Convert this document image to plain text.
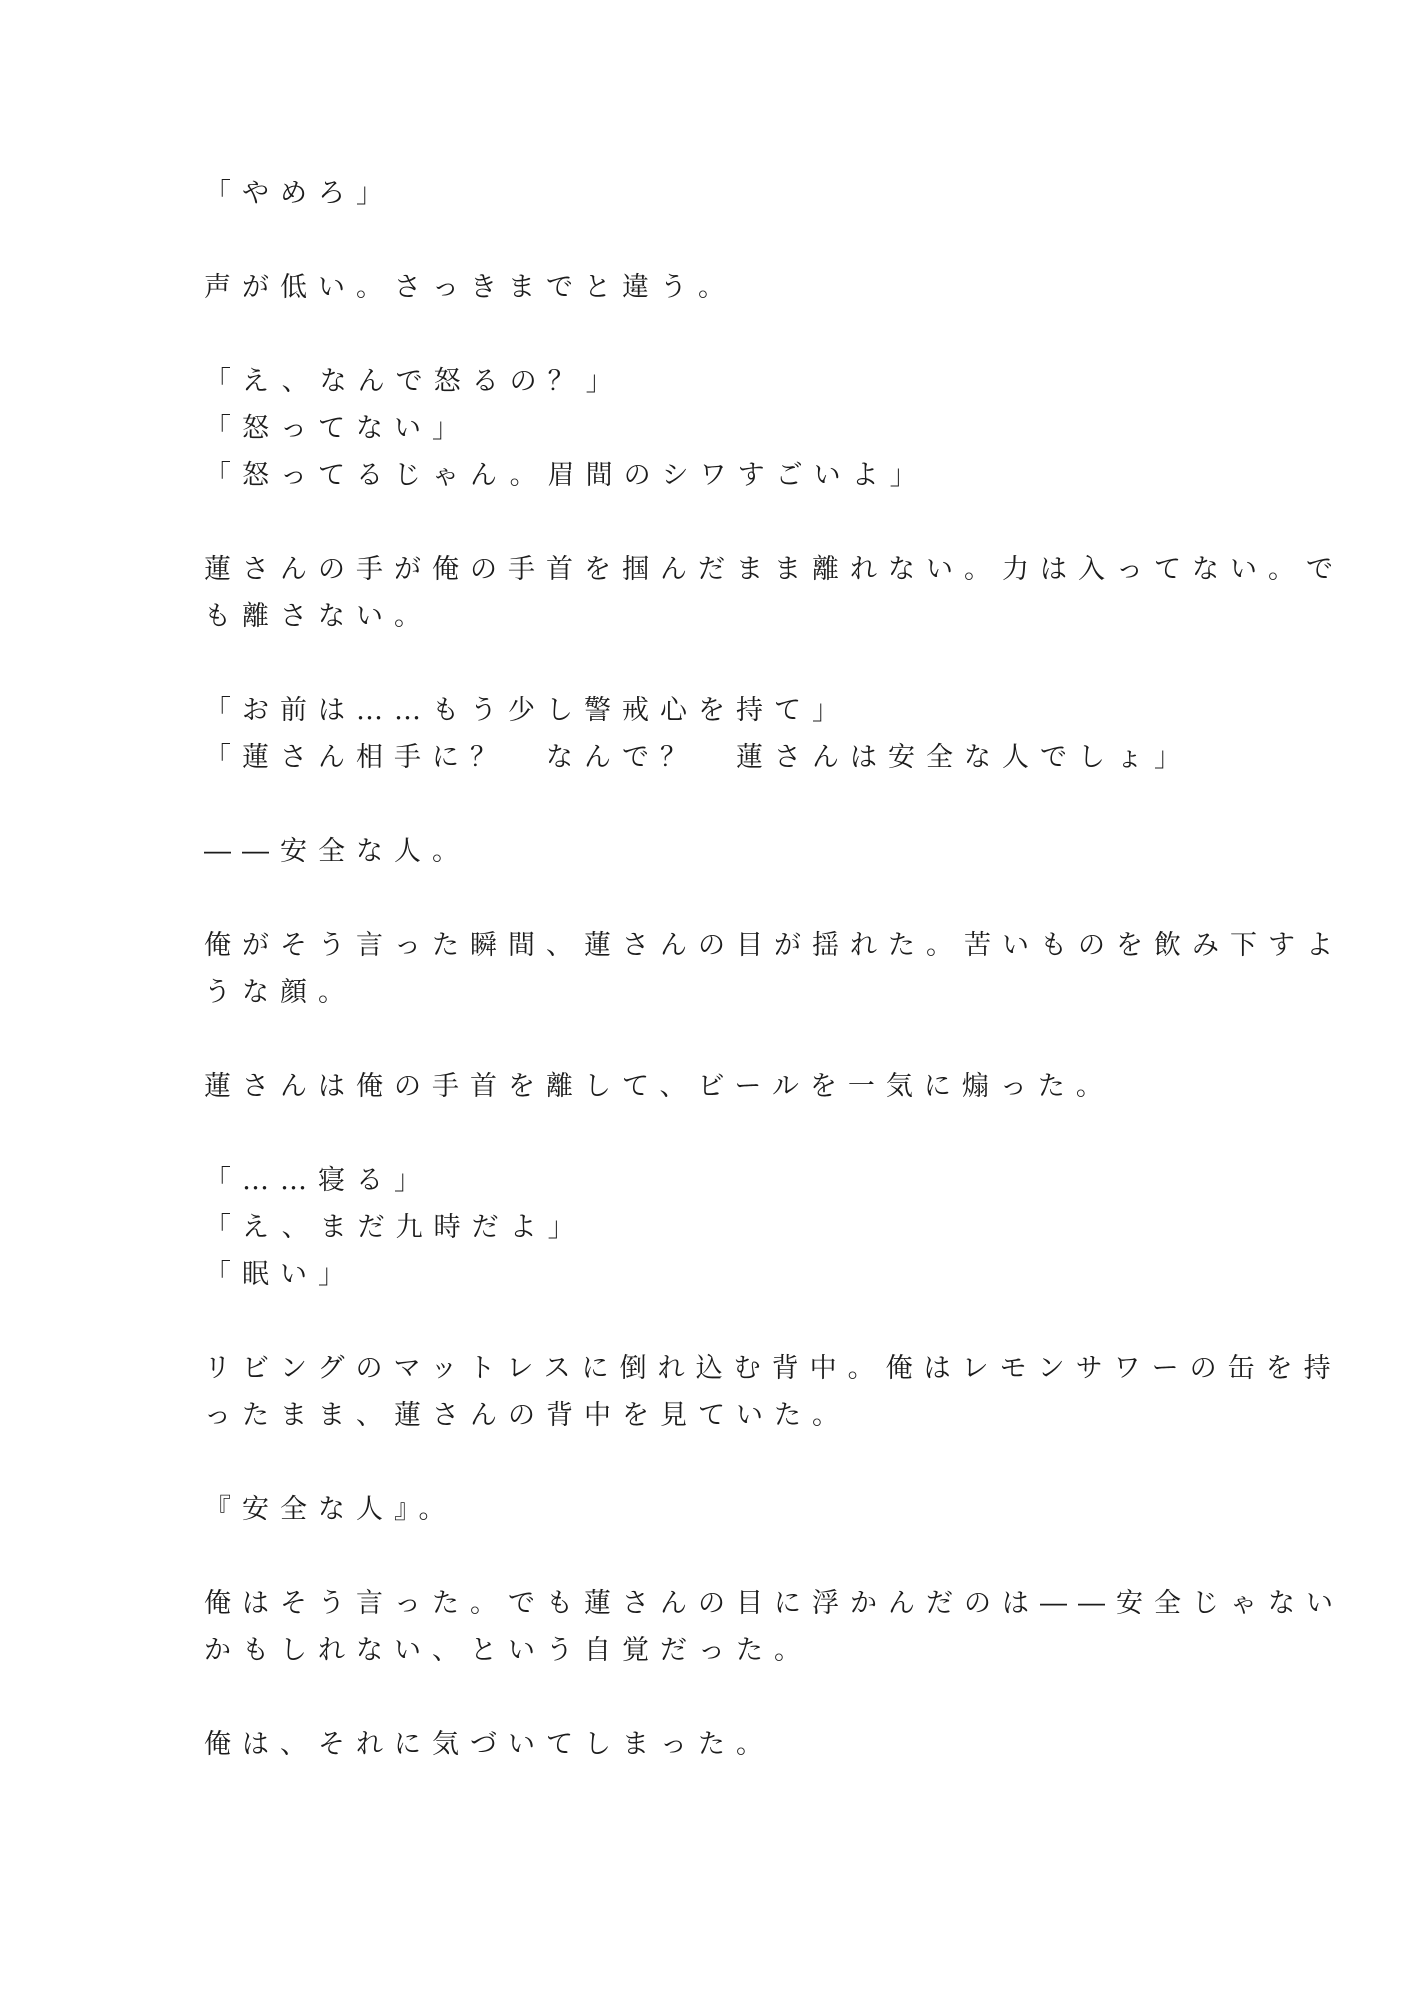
「やめろ」
声が低い。さっきまでと違う。
「え、なんで怒るの？」
「怒ってない」
「怒ってるじゃん。眉間のシワすごいよ」
蓮さんの手が俺の手首を掴んだまま離れない。力は入ってない。で
も離さない。
「お前は……もう少し警戒心を持て」
「蓮さん相手に？　なんで？　蓮さんは安全な人でしょ」
――安全な人。
俺がそう言った瞬間、蓮さんの目が揺れた。苦いものを飲み下すよ
うな顔。
蓮さんは俺の手首を離して、ビールを一気に煽った。
「……寝る」
「え、まだ九時だよ」
「眠い」
リビングのマットレスに倒れ込む背中。俺はレモンサワーの缶を持
ったまま、蓮さんの背中を見ていた。
『安全な人』。
俺はそう言った。でも蓮さんの目に浮かんだのは――安全じゃない
かもしれない、という自覚だった。
俺は、それに気づいてしまった。
